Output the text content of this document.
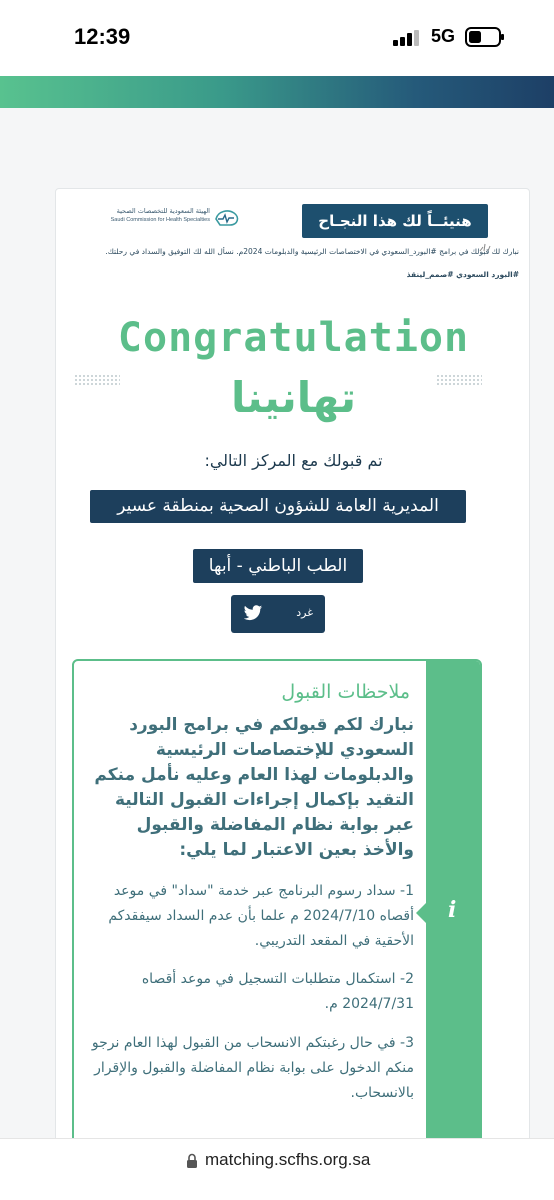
12:39	5G
هنيئــاً لك هذا النجـاح
الهيئة السعودية للتخصصات الصحية
Saudi Commission for Health Specialties
نبارك لك قبولك في برامج #البورد_السعودي في الاختصاصات الرئيسية والدبلومات 2024م. نسأل الله لك التوفيق والسداد في رحلتك.
#البورد السعودي #صمم_لينقذ
Congratulation
تهانينا
تم قبولك مع المركز التالي:
المديرية العامة للشؤون الصحية بمنطقة عسير
الطب الباطني - أبها
غرد
i
ملاحظات القبول
نبارك لكم قبولكم في برامج البورد السعودي للإختصاصات الرئيسية والدبلومات لهذا العام وعليه نأمل منكم التقيد بإكمال إجراءات القبول التالية عبر بوابة نظام المفاضلة والقبول والأخذ بعين الاعتبار لما يلي:
1- سداد رسوم البرنامج عبر خدمة "سداد" في موعد أقصاه 2024/7/10 م علما بأن عدم السداد سيفقدكم الأحقية في المقعد التدريبي.
2- استكمال متطلبات التسجيل في موعد أقصاه 2024/7/31 م.
3- في حال رغبتكم الانسحاب من القبول لهذا العام نرجو منكم الدخول على بوابة نظام المفاضلة والقبول والإقرار بالانسحاب.
matching.scfhs.org.sa
